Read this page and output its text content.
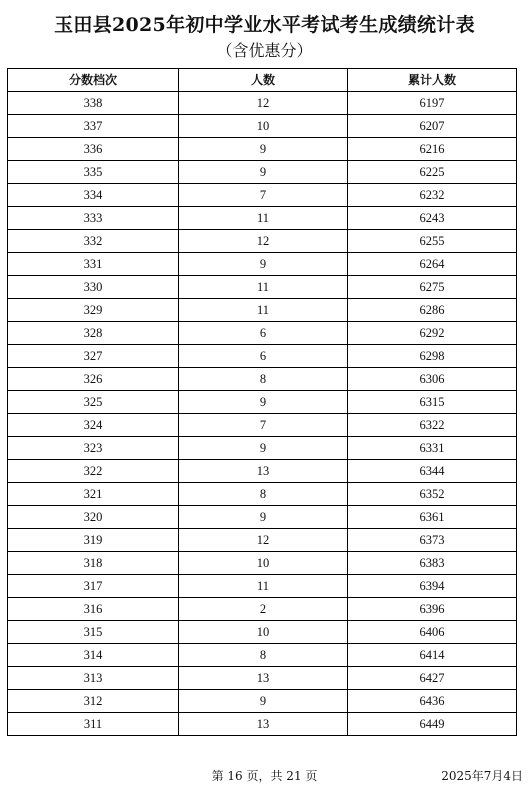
玉田县2025年初中学业水平考试考生成绩统计表
（含优惠分）
分数档次	人数	累计人数
338	12	6197
337	10	6207
336	9	6216
335	9	6225
334	7	6232
333	11	6243
332	12	6255
331	9	6264
330	11	6275
329	11	6286
328	6	6292
327	6	6298
326	8	6306
325	9	6315
324	7	6322
323	9	6331
322	13	6344
321	8	6352
320	9	6361
319	12	6373
318	10	6383
317	11	6394
316	2	6396
315	10	6406
314	8	6414
313	13	6427
312	9	6436
311	13	6449
第 16 页，共 21 页	2025年7月4日
